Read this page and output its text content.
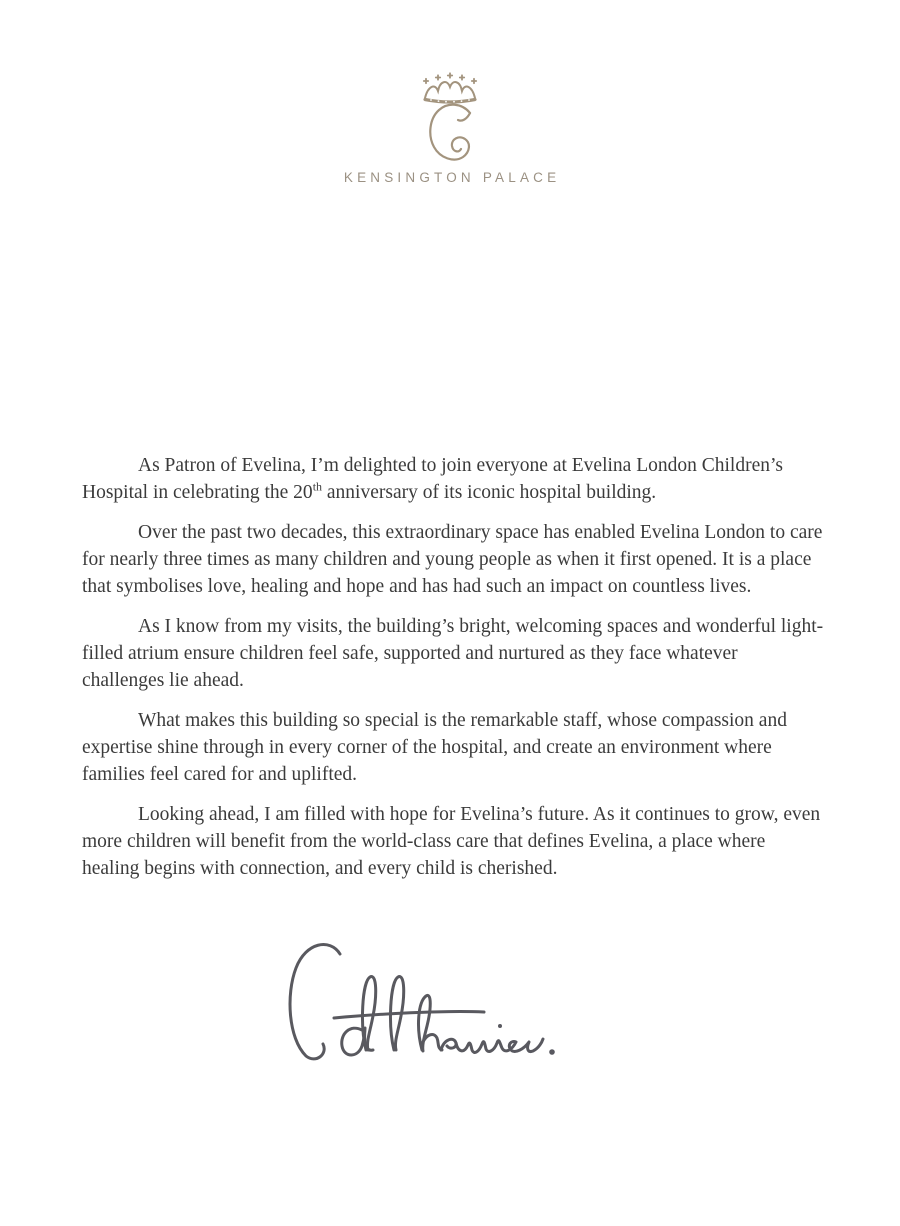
KENSINGTON PALACE

As Patron of Evelina, I’m delighted to join everyone at Evelina London Children’s Hospital in celebrating the 20th anniversary of its iconic hospital building.

Over the past two decades, this extraordinary space has enabled Evelina London to care for nearly three times as many children and young people as when it first opened. It is a place that symbolises love, healing and hope and has had such an impact on countless lives.

As I know from my visits, the building’s bright, welcoming spaces and wonderful light-filled atrium ensure children feel safe, supported and nurtured as they face whatever challenges lie ahead.

What makes this building so special is the remarkable staff, whose compassion and expertise shine through in every corner of the hospital, and create an environment where families feel cared for and uplifted.

Looking ahead, I am filled with hope for Evelina’s future. As it continues to grow, even more children will benefit from the world-class care that defines Evelina, a place where healing begins with connection, and every child is cherished.
